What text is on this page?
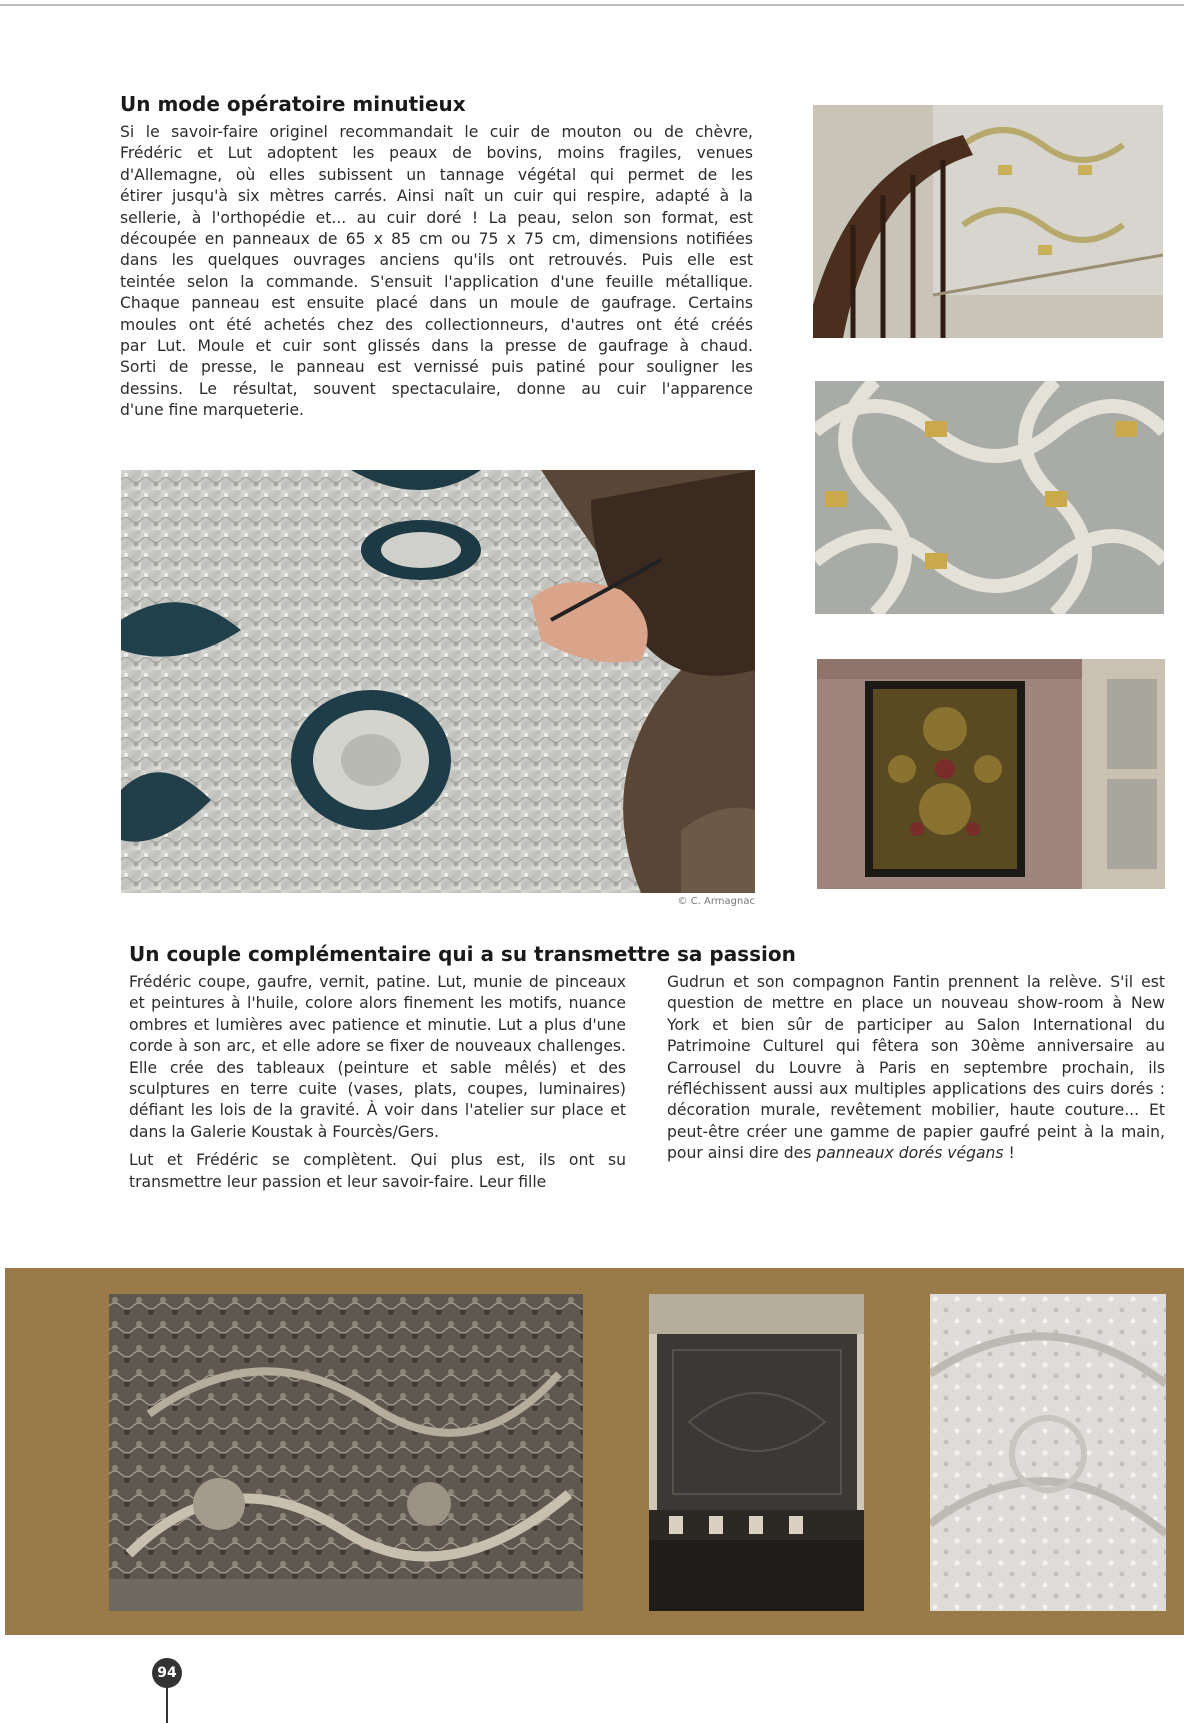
Un mode opératoire minutieux
Si le savoir-faire originel recommandait le cuir de mouton ou de chèvre,
Frédéric et Lut adoptent les peaux de bovins, moins fragiles, venues
d'Allemagne, où elles subissent un tannage végétal qui permet de les
étirer jusqu'à six mètres carrés. Ainsi naît un cuir qui respire, adapté à la
sellerie, à l'orthopédie et... au cuir doré ! La peau, selon son format, est
découpée en panneaux de 65 x 85 cm ou 75 x 75 cm, dimensions notifiées
dans les quelques ouvrages anciens qu'ils ont retrouvés. Puis elle est
teintée selon la commande. S'ensuit l'application d'une feuille métallique.
Chaque panneau est ensuite placé dans un moule de gaufrage. Certains
moules ont été achetés chez des collectionneurs, d'autres ont été créés
par Lut. Moule et cuir sont glissés dans la presse de gaufrage à chaud.
Sorti de presse, le panneau est vernissé puis patiné pour souligner les
dessins. Le résultat, souvent spectaculaire, donne au cuir l'apparence
d'une fine marqueterie.
© C. Armagnac
Un couple complémentaire qui a su transmettre sa passion

Frédéric coupe, gaufre, vernit, patine. Lut, munie de pinceaux et peintures à l'huile, colore alors finement les motifs, nuance ombres et lumières avec patience et minutie. Lut a plus d'une corde à son arc, et elle adore se fixer de nouveaux challenges. Elle crée des tableaux (peinture et sable mêlés) et des sculptures en terre cuite (vases, plats, coupes, luminaires) défiant les lois de la gravité. À voir dans l'atelier sur place et dans la Galerie Koustak à Fourcès/Gers.

Lut et Frédéric se complètent. Qui plus est, ils ont su transmettre leur passion et leur savoir-faire. Leur fille

Gudrun et son compagnon Fantin prennent la relève. S'il est question de mettre en place un nouveau show-room à New York et bien sûr de participer au Salon International du Patrimoine Culturel qui fêtera son 30ème anniversaire au Carrousel du Louvre à Paris en septembre prochain, ils réfléchissent aussi aux multiples applications des cuirs dorés : décoration murale, revêtement mobilier, haute couture... Et peut-être créer une gamme de papier gaufré peint à la main, pour ainsi dire des panneaux dorés végans !

94
